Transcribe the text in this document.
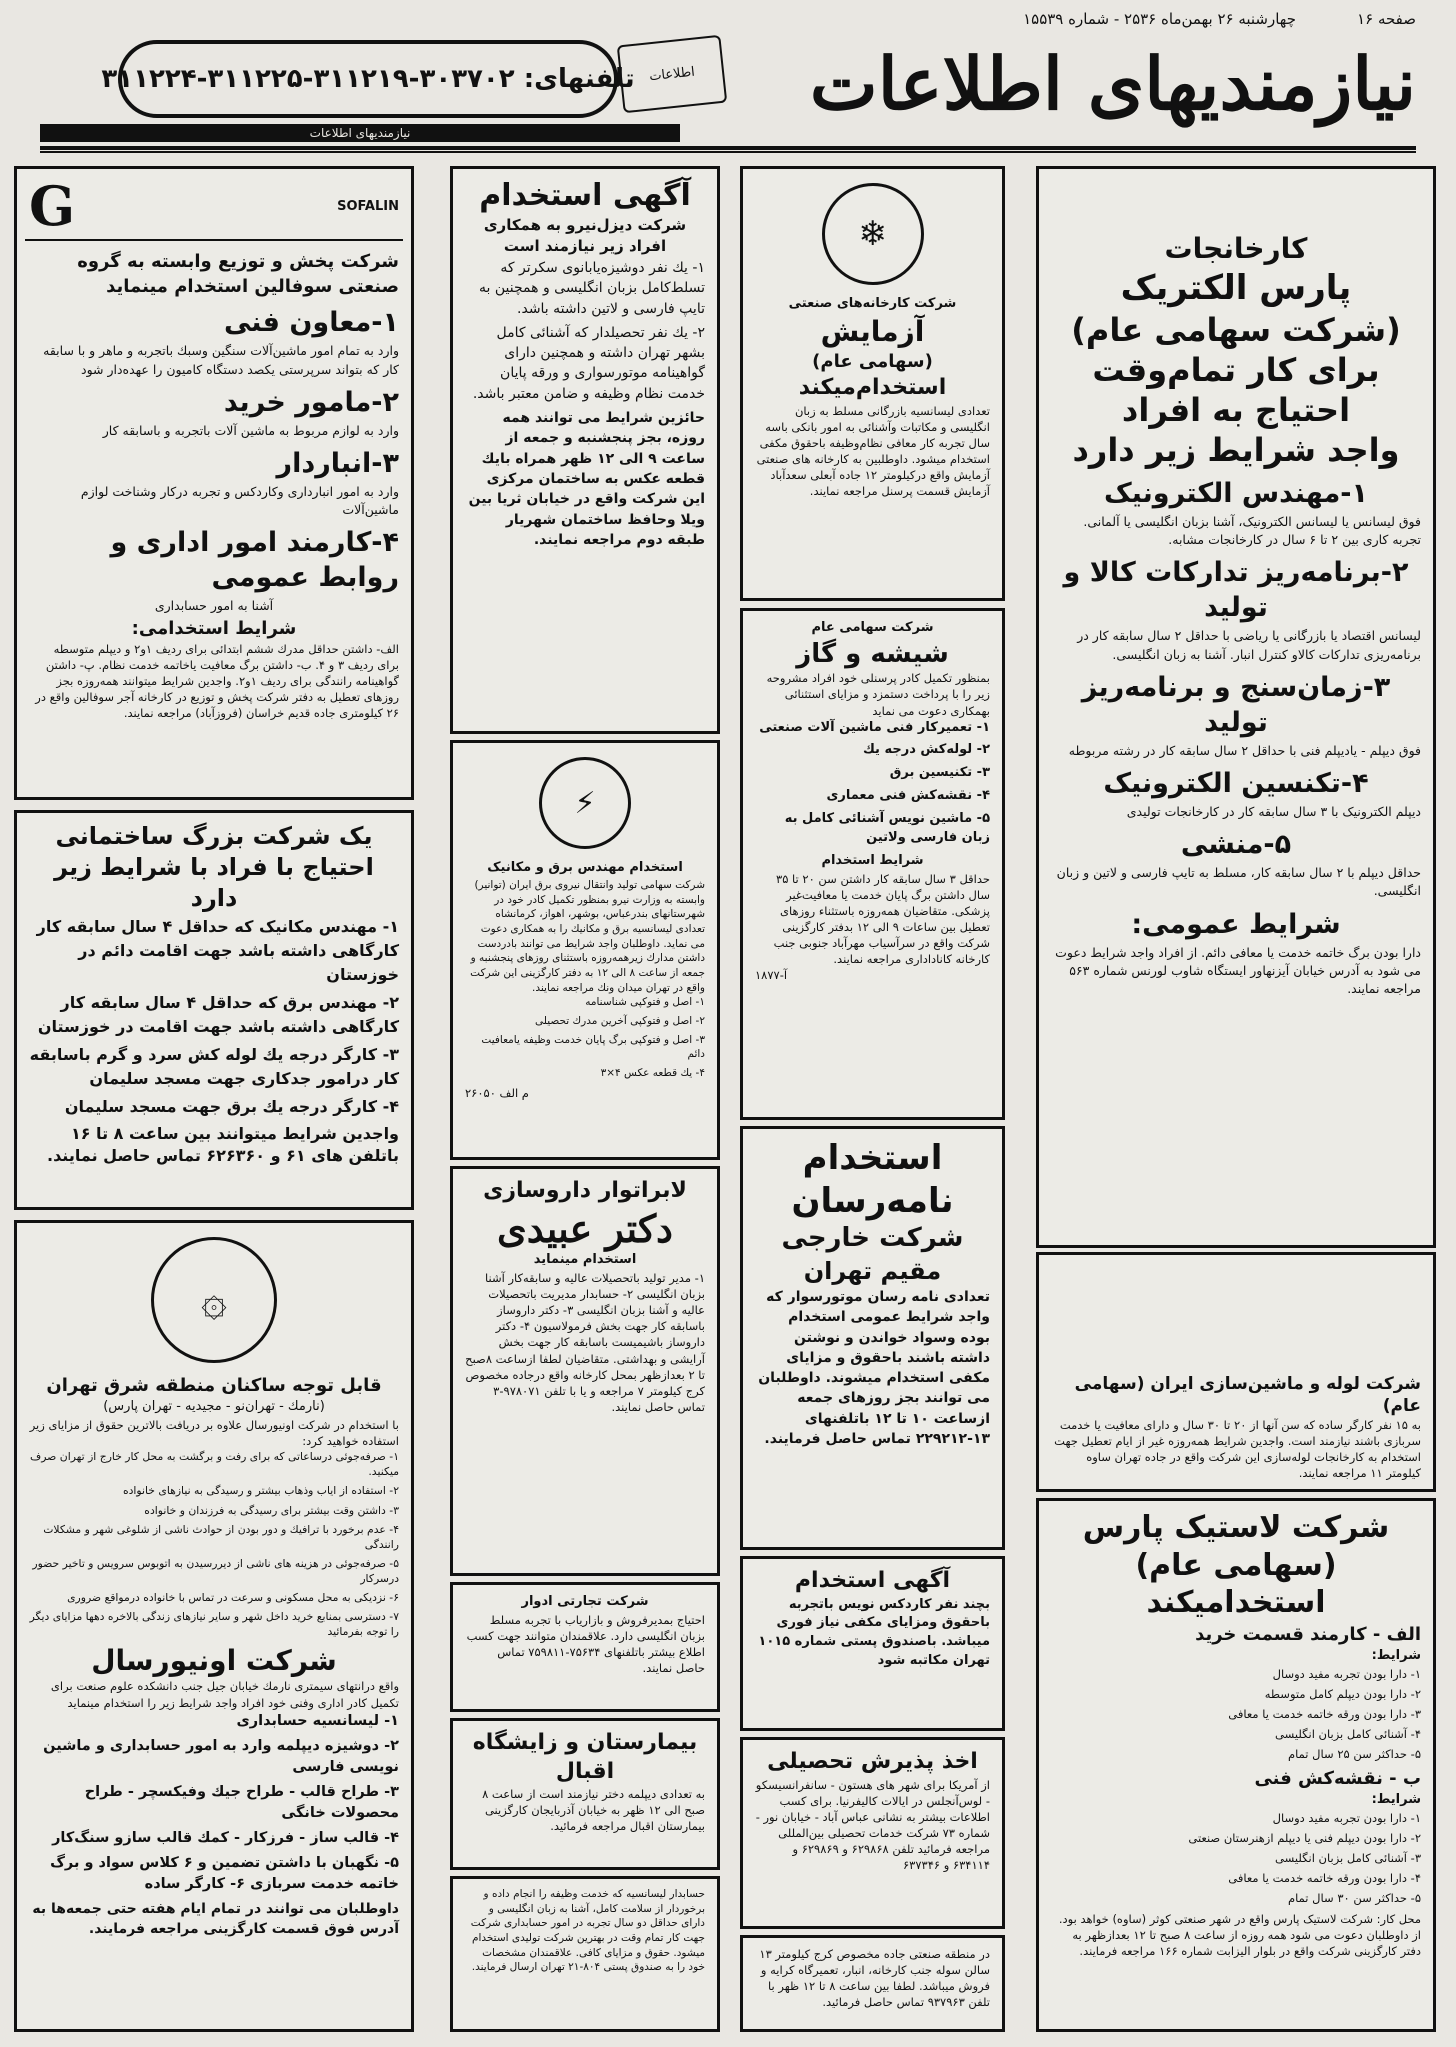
صفحه ۱۶
چهارشنبه ۲۶ بهمن‌ماه ۲۵۳۶ - شماره ۱۵۵۳۹
نیازمندیهای اطلاعات
اطلاعات
تلفنهای: ۳۰۳۷۰۲-۳۱۱۲۱۹-۳۱۱۲۲۵-۳۱۱۲۲۴
نیازمندیهای اطلاعات
کارخانجات
پارس الکتریک
(شرکت سهامی عام)
برای کار تمام‌وقت
احتیاج به افراد
واجد شرایط زیر دارد
۱-مهندس الکترونیک
فوق لیسانس یا لیسانس الکترونیک، آشنا بزبان انگلیسی یا آلمانی. تجربه کاری بین ۲ تا ۶ سال در کارخانجات مشابه.
۲-برنامه‌ریز تدارکات کالا و تولید
لیسانس اقتصاد یا بازرگانی یا ریاضی با حداقل ۲ سال سابقه کار در برنامه‌ریزی تدارکات کالاو کنترل انبار. آشنا به زبان انگلیسی.
۳-زمان‌سنج و برنامه‌ریز تولید
فوق دیپلم - یادیپلم فنی با حداقل ۲ سال سابقه کار در رشته مربوطه
۴-تکنسین الکترونیک
دیپلم الکترونیک با ۳ سال سابقه کار در کارخانجات تولیدی
۵-منشی
حداقل دیپلم با ۲ سال سابقه کار، مسلط به تایپ فارسی و لاتین و زبان انگلیسی.
شرایط عمومی:
دارا بودن برگ خاتمه خدمت یا معافی دائم. از افراد واجد شرایط دعوت می شود به آدرس خیابان آیزنهاور ایستگاه شاوب لورنس شماره ۵۶۳ مراجعه نمایند.
شرکت لوله و ماشین‌سازی ایران (سهامی عام)
به ۱۵ نفر کارگر ساده که سن آنها از ۲۰ تا ۳۰ سال و دارای معافیت یا خدمت سربازی باشند نیازمند است. واجدین شرایط همه‌روزه غیر از ایام تعطیل جهت استخدام به کارخانجات لوله‌سازی این شرکت واقع در جاده تهران ساوه کیلومتر ۱۱ مراجعه نمایند.
شرکت لاستیک پارس
(سهامی عام)
استخدامیکند
الف - کارمند قسمت خرید
شرایط:
۱- دارا بودن تجربه مفید دوسال
۲- دارا بودن دیپلم کامل متوسطه
۳- دارا بودن ورقه خاتمه خدمت یا معافی
۴- آشنائی کامل بزبان انگلیسی
۵- حداکثر سن ۲۵ سال تمام
ب - نقشه‌کش فنی
شرایط:
۱- دارا بودن تجربه مفید دوسال
۲- دارا بودن دیپلم فنی یا دیپلم ازهنرستان صنعتی
۳- آشنائی کامل بزبان انگلیسی
۴- دارا بودن ورقه خاتمه خدمت یا معافی
۵- حداکثر سن ۳۰ سال تمام
محل کار: شرکت لاستیک پارس واقع در شهر صنعتی کوثر (ساوه) خواهد بود. از داوطلبان دعوت می شود همه روزه از ساعت ۸ صبح تا ۱۲ بعدازظهر به دفتر کارگزینی شرکت واقع در بلوار الیزابت شماره ۱۶۶ مراجعه فرمایند.
❄
شرکت کارخانه‌های صنعتی
آزمایش
(سهامی عام)
استخدام‌میکند
تعدادی لیسانسیه بازرگانی مسلط به زبان انگلیسی و مکاتبات وآشنائی به امور بانکی باسه سال تجربه کار معافی نظام‌وظیفه باحقوق مکفی استخدام میشود. داوطلبین به کارخانه های صنعتی آزمایش واقع درکیلومتر ۱۲ جاده آبعلی سعدآباد آزمایش قسمت پرسنل مراجعه نمایند.
شرکت سهامی عام
شیشه و گاز
بمنظور تکمیل کادر پرسنلی خود افراد مشروحه زیر را با پرداخت دستمزد و مزایای استثنائی بهمکاری دعوت می نماید
۱- تعمیرکار فنی ماشین آلات صنعتی
۲- لوله‌کش درجه یك
۳- تکنیسین برق
۴- نقشه‌کش فنی معماری
۵- ماشین نویس آشنائی کامل به زبان فارسی ولاتین
شرایط استخدام
حداقل ۳ سال سابقه کار داشتن سن ۲۰ تا ۳۵ سال داشتن برگ پایان خدمت یا معافیت‌غیر پزشکی. متقاضیان همه‌روزه باستثناء روزهای تعطیل بین ساعات ۹ الی ۱۲ بدفتر کارگزینی شرکت واقع در سرآسیاب مهرآباد جنوبی جنب کارخانه کاناداداری مراجعه نمایند.
آ-۱۸۷۷
استخدام
نامه‌رسان
شرکت خارجی
مقیم تهران
تعدادی نامه رسان موتورسوار که واجد شرایط عمومی استخدام بوده وسواد خواندن و نوشتن داشته باشند باحقوق و مزایای مکفی استخدام میشوند. داوطلبان می توانند بجز روزهای جمعه ازساعت ۱۰ تا ۱۲ باتلفنهای ۱۳-۲۲۹۲۱۲ تماس حاصل فرمایند.
آگهی استخدام
بچند نفر کاردکس نویس باتجربه باحقوق ومزایای مکفی نیاز فوری میباشد. باصندوق پستی شماره ۱۰۱۵ تهران مکاتبه شود
اخذ پذیرش تحصیلی
از آمریکا برای شهر های هستون - سانفرانسیسکو - لوس‌آنجلس در ایالات کالیفرنیا. برای کسب اطلاعات بیشتر به نشانی عباس آباد - خیابان نور - شماره ۷۳ شرکت خدمات تحصیلی بین‌المللی مراجعه فرمائید تلفن ۶۲۹۸۶۸ و ۶۲۹۸۶۹ و ۶۳۴۱۱۴ و ۶۳۷۳۴۶
در منطقه صنعتی جاده مخصوص کرج کیلومتر ۱۳ سالن سوله جنب کارخانه، انبار، تعمیرگاه کرایه و فروش میباشد. لطفا بین ساعت ۸ تا ۱۲ ظهر با تلفن ۹۳۷۹۶۳ تماس حاصل فرمائید.
آگهی استخدام
شرکت دیزل‌نیرو به همکاری افراد زیر نیازمند است
۱- یك نفر دوشیزه‌یابانوی سکرتر که تسلط‌کامل بزبان انگلیسی و همچنین به تایپ فارسی و لاتین داشته باشد.
۲- یك نفر تحصیلدار که آشنائی کامل بشهر تهران داشته و همچنین دارای گواهینامه موتورسواری و ورقه پایان خدمت نظام وظیفه و ضامن معتبر باشد.
حائزین شرایط می توانند همه روزه، بجز پنجشنبه و جمعه از ساعت ۹ الی ۱۲ ظهر همراه بایك قطعه عکس به ساختمان مرکزی این شرکت واقع در خیابان ثریا بین ویلا وحافظ ساختمان شهریار طبقه دوم مراجعه نمایند.
⚡
استخدام مهندس برق و مکانیک
شرکت سهامی تولید وانتقال نیروی برق ایران (توانیر) وابسته به وزارت نیرو بمنظور تکمیل کادر خود در شهرستانهای بندرعباس، بوشهر، اهواز، کرمانشاه تعدادی لیسانسیه برق و مکانیك را به همکاری دعوت می نماید. داوطلبان واجد شرایط می توانند بادردست داشتن مدارك زیرهمه‌روزه باستثنای روزهای پنجشنبه و جمعه از ساعت ۸ الی ۱۲ به دفتر کارگزینی این شرکت واقع در تهران میدان ونك مراجعه نمایند.
۱- اصل و فتوکپی شناسنامه
۲- اصل و فتوکپی آخرین مدرك تحصیلی
۳- اصل و فتوکپی برگ پایان خدمت وظیفه یامعافیت دائم
۴- یك قطعه عکس ۴×۳
م الف ۲۶۰۵۰
لابراتوار داروسازی
دکتر عبیدی
استخدام مینماید
۱- مدیر تولید باتحصیلات عالیه و سابقه‌کار آشنا بزبان انگلیسی ۲- حسابدار مدیریت باتحصیلات عالیه و آشنا بزبان انگلیسی ۳- دکتر داروساز باسابقه کار جهت بخش فرمولاسیون ۴- دکتر داروساز باشیمیست باسابقه کار جهت بخش آرایشی و بهداشتی. متقاضیان لطفا ازساعت ۸صبح تا ۲ بعدازظهر بمحل کارخانه واقع درجاده مخصوص کرج کیلومتر ۷ مراجعه و یا با تلفن ۹۷۸۰۷۱-۳ تماس حاصل نمایند.
شرکت تجارتی ادوار
احتیاج بمدیرفروش و بازاریاب با تجربه مسلط بزبان انگلیسی دارد. علاقمندان متوانند جهت کسب اطلاع بیشتر باتلفنهای ۷۵۶۳۴-۷۵۹۸۱۱ تماس حاصل نمایند.
بیمارستان و زایشگاه اقبال
به تعدادی دیپلمه دختر نیازمند است از ساعت ۸ صبح الی ۱۲ ظهر به خیابان آذربایجان کارگزینی بیمارستان اقبال مراجعه فرمائید.
حسابدار لیسانسیه که خدمت وظیفه را انجام داده و برخوردار از سلامت کامل، آشنا به زبان انگلیسی و دارای حداقل دو سال تجربه در امور حسابداری شرکت جهت کار تمام وقت در بهترین شرکت تولیدی استخدام میشود. حقوق و مزایای کافی. علاقمندان مشخصات خود را به صندوق پستی ۸۰۴-۲۱ تهران ارسال فرمایند.
G	SOFALIN
شرکت پخش و توزیع وابسته به گروه صنعتی سوفالین استخدام مینماید
۱-معاون فنی
وارد به تمام امور ماشین‌آلات سنگین وسبك باتجربه و ماهر و با سابقه کار که بتواند سرپرستی یکصد دستگاه کامیون را عهده‌دار شود
۲-مامور خرید
وارد به لوازم مربوط به ماشین آلات باتجربه و باسابقه کار
۳-انباردار
وارد به امور انبارداری وکاردکس و تجربه درکار وشناخت لوازم ماشین‌آلات
۴-کارمند امور اداری و روابط عمومی
آشنا به امور حسابداری
شرایط استخدامی:
الف- داشتن حداقل مدرك ششم ابتدائی برای ردیف ۱و۲ و دیپلم متوسطه برای ردیف ۳ و ۴. ب- داشتن برگ معافیت یاخاتمه خدمت نظام. پ- داشتن گواهینامه رانندگی برای ردیف ۱و۲. واجدین شرایط میتوانند همه‌روزه بجز روزهای تعطیل به دفتر شرکت پخش و توزیع در کارخانه آجر سوفالین واقع در ۲۶ کیلومتری جاده قدیم خراسان (فروزآباد) مراجعه نمایند.
یک شرکت بزرگ ساختمانی
احتیاج با فراد با شرایط زیر دارد
۱- مهندس مکانیک که حداقل ۴ سال سابقه کار کارگاهی داشته باشد جهت اقامت دائم در خوزستان
۲- مهندس برق که حداقل ۴ سال سابقه کار کارگاهی داشته باشد جهت اقامت در خوزستان
۳- کارگر درجه یك لوله کش سرد و گرم باسابقه کار درامور جدکاری جهت مسجد سلیمان
۴- کارگر درجه یك برق جهت مسجد سلیمان
واجدین شرایط میتوانند بین ساعت ۸ تا ۱۶ باتلفن های ۶۱ و ۶۲۶۳۶۰ تماس حاصل نمایند.
۞
قابل توجه ساکنان منطقه شرق تهران
(نارمك - تهران‌نو - مجیدیه - تهران پارس)
با استخدام در شرکت اونیورسال علاوه بر دریافت بالاترین حقوق از مزایای زیر استفاده خواهید کرد:
۱- صرفه‌جوئی درساعاتی که برای رفت و برگشت به محل کار خارج از تهران صرف میکنید.
۲- استفاده از ایاب وذهاب بیشتر و رسیدگی به نیازهای خانواده
۳- داشتن وقت بیشتر برای رسیدگی به فرزندان و خانواده
۴- عدم برخورد با ترافیك و دور بودن از حوادث ناشی از شلوغی شهر و مشکلات رانندگی
۵- صرفه‌جوئی در هزینه های ناشی از دیررسیدن به اتوبوس سرویس و تاخیر حضور درسرکار
۶- نزدیکی به محل مسکونی و سرعت در تماس با خانواده درمواقع ضروری
۷- دسترسی بمنابع خرید داخل شهر و سایر نیازهای زندگی بالاخره دهها مزایای دیگر را توجه بفرمائید
شرکت اونیورسال
واقع درانتهای سیمتری نارمك خیابان جیل جنب دانشکده علوم صنعت برای تکمیل کادر اداری وفنی خود افراد واجد شرایط زیر را استخدام مینماید
۱- لیسانسیه حسابداری
۲- دوشیزه دیپلمه وارد به امور حسابداری و ماشین نویسی فارسی
۳- طراح قالب - طراح جیك وفیکسچر - طراح محصولات خانگی
۴- قالب ساز - فرزکار - کمك قالب سازو سنگ‌کار
۵- نگهبان با داشتن تضمین و ۶ کلاس سواد و برگ خاتمه خدمت سربازی ۶- کارگر ساده
داوطلبان می توانند در تمام ایام هفته حتی جمعه‌ها به آدرس فوق قسمت کارگزینی مراجعه فرمایند.
